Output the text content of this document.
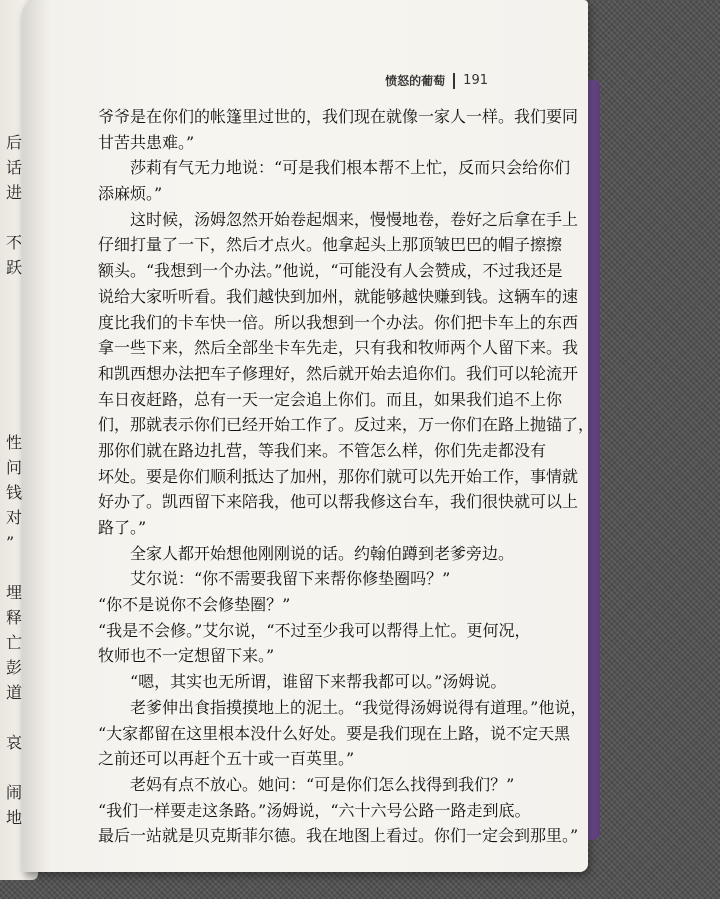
后
话
进
不
跃
性
问
钱
对
”
埋
释
亡
彭
道
哀
闹
地
愤怒的葡萄 191
爷爷是在你们的帐篷里过世的，我们现在就像一家人一样。我们要同
甘苦共患难。”
莎莉有气无力地说：“可是我们根本帮不上忙，反而只会给你们
添麻烦。”
这时候，汤姆忽然开始卷起烟来，慢慢地卷，卷好之后拿在手上
仔细打量了一下，然后才点火。他拿起头上那顶皱巴巴的帽子擦擦
额头。“我想到一个办法。”他说，“可能没有人会赞成，不过我还是
说给大家听听看。我们越快到加州，就能够越快赚到钱。这辆车的速
度比我们的卡车快一倍。所以我想到一个办法。你们把卡车上的东西
拿一些下来，然后全部坐卡车先走，只有我和牧师两个人留下来。我
和凯西想办法把车子修理好，然后就开始去追你们。我们可以轮流开
车日夜赶路，总有一天一定会追上你们。而且，如果我们追不上你
们，那就表示你们已经开始工作了。反过来，万一你们在路上抛锚了，
那你们就在路边扎营，等我们来。不管怎么样，你们先走都没有
坏处。要是你们顺利抵达了加州，那你们就可以先开始工作，事情就
好办了。凯西留下来陪我，他可以帮我修这台车，我们很快就可以上
路了。”
全家人都开始想他刚刚说的话。约翰伯蹲到老爹旁边。
艾尔说：“你不需要我留下来帮你修垫圈吗？”
“你不是说你不会修垫圈？”
“我是不会修。”艾尔说，“不过至少我可以帮得上忙。更何况，
牧师也不一定想留下来。”
“嗯，其实也无所谓，谁留下来帮我都可以。”汤姆说。
老爹伸出食指摸摸地上的泥土。“我觉得汤姆说得有道理。”他说，
“大家都留在这里根本没什么好处。要是我们现在上路，说不定天黑
之前还可以再赶个五十或一百英里。”
老妈有点不放心。她问：“可是你们怎么找得到我们？”
“我们一样要走这条路。”汤姆说，“六十六号公路一路走到底。
最后一站就是贝克斯菲尔德。我在地图上看过。你们一定会到那里。”
